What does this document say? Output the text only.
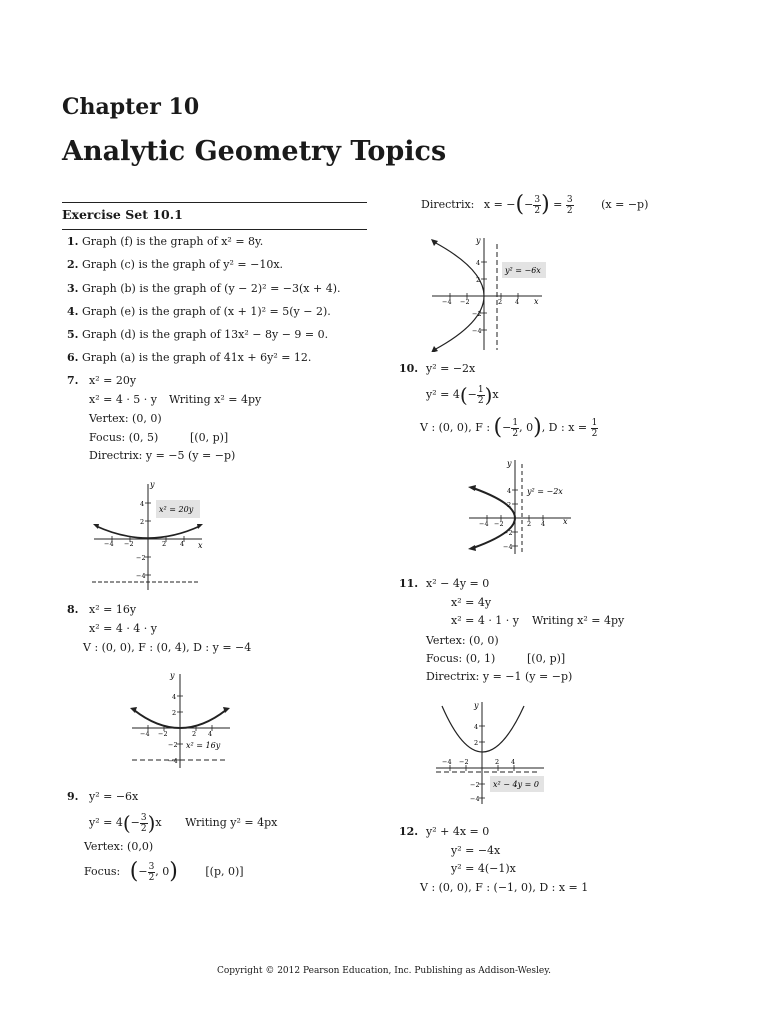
Chapter 10
Analytic Geometry Topics
Exercise Set 10.1
1. Graph (f) is the graph of x² = 8y.
2. Graph (c) is the graph of y² = −10x.
3. Graph (b) is the graph of (y − 2)² = −3(x + 4).
4. Graph (e) is the graph of (x + 1)² = 5(y − 2).
5. Graph (d) is the graph of 13x² − 8y − 9 = 0.
6. Graph (a) is the graph of 41x + 6y² = 12.
7. x² = 20y
x² = 4 · 5 · y Writing x² = 4py
Vertex: (0, 0)
Focus: (0, 5)	[(0, p)]
Directrix: y = −5 (y = −p)
x² = 20y
y
x
−4 −2	2 4
4
2
−2
−4
8. x² = 16y
x² = 4 · 4 · y
V : (0, 0), F : (0, 4), D : y = −4
x² = 16y
y
−4 −2	2 4
4
2
−2
−4
9. y² = −6x
$y^2 = 4(- \frac{3}{2} )x$ Writing y² = 4px
Vertex: (0,0)
Focus: (− $\frac{3}{2}$ , 0)	[(p, 0)]
Directrix: x = −(− $\frac{3}{2}$ ) = $\frac{3}{2}$	(x = −p)
y² = −6x
y
x
−4 −2	2 4
4
2
−2
−4
10. y² = −2x
$y^2 = 4(- \frac{1}{2} )x$
V : (0, 0), F : (− $\frac{1}{2}$ , 0), D : $x = \frac{1}{2}$
y² = −2x
y
x
−4 −2	2 4
4
2
−2
−4
11. x² − 4y = 0
x² = 4y
x² = 4 · 1 · y Writing x² = 4py
Vertex: (0, 0)
Focus: (0, 1)	[(0, p)]
Directrix: y = −1 (y = −p)
x² − 4y = 0
y
−4 −2	2 4
4
2
−2
−4
12. y² + 4x = 0
y² = −4x
y² = 4(−1)x
V : (0, 0), F : (−1, 0), D : x = 1
Copyright © 2012 Pearson Education, Inc. Publishing as Addison-Wesley.
